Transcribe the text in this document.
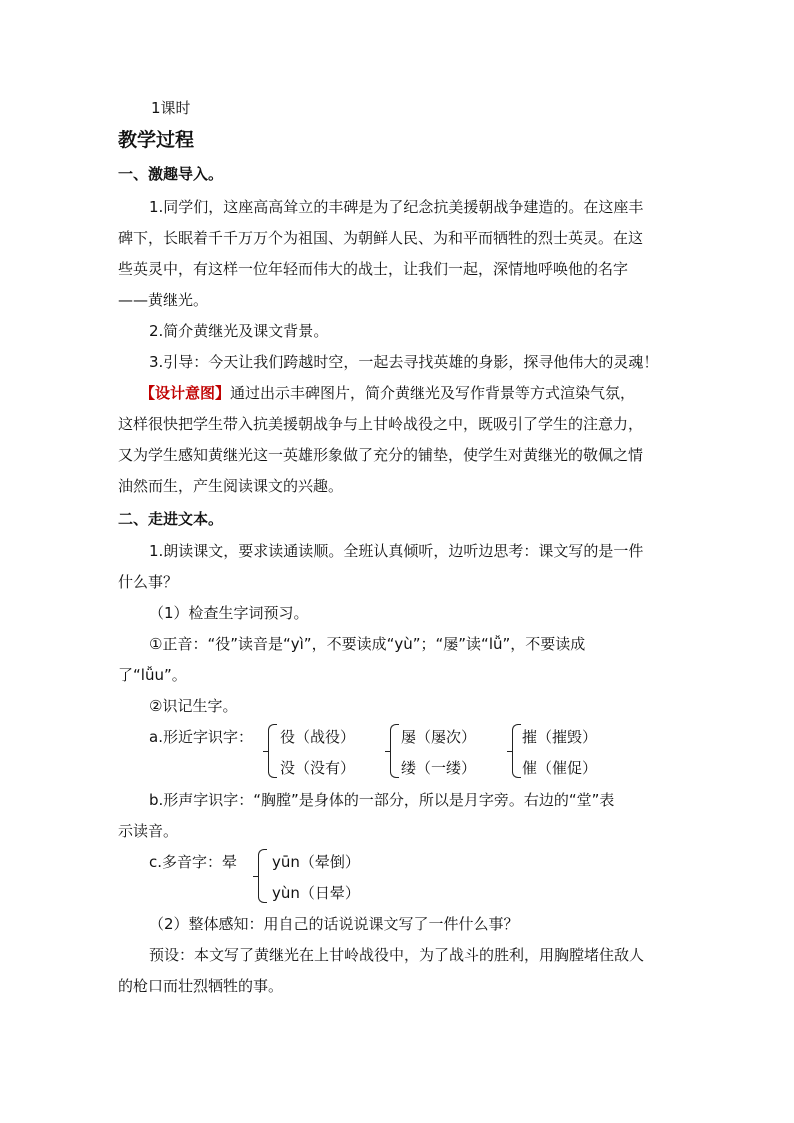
1课时
教学过程
一、激趣导入。
1.同学们，这座高高耸立的丰碑是为了纪念抗美援朝战争建造的。在这座丰
碑下，长眠着千千万万个为祖国、为朝鲜人民、为和平而牺牲的烈士英灵。在这
些英灵中，有这样一位年轻而伟大的战士，让我们一起，深情地呼唤他的名字
——黄继光。
2.简介黄继光及课文背景。
3.引导：今天让我们跨越时空，一起去寻找英雄的身影，探寻他伟大的灵魂！
【设计意图】通过出示丰碑图片，简介黄继光及写作背景等方式渲染气氛，
这样很快把学生带入抗美援朝战争与上甘岭战役之中，既吸引了学生的注意力，
又为学生感知黄继光这一英雄形象做了充分的铺垫，使学生对黄继光的敬佩之情
油然而生，产生阅读课文的兴趣。
二、走进文本。
1.朗读课文，要求读通读顺。全班认真倾听，边听边思考：课文写的是一件
什么事？
（1）检查生字词预习。
①正音：“役”读音是“yì”，不要读成“yù”；“屡”读“lǚ”，不要读成
了“lǚu”。
②识记生字。
a.形近字识字： 役（战役）
没（没有）
屡（屡次）
缕（一缕）
摧（摧毁）
催（催促）
b.形声字识字：“胸膛”是身体的一部分，所以是月字旁。右边的“堂”表
示读音。
c.多音字：晕 yūn（晕倒）
yùn（日晕）
（2）整体感知：用自己的话说说课文写了一件什么事？
预设：本文写了黄继光在上甘岭战役中，为了战斗的胜利，用胸膛堵住敌人
的枪口而壮烈牺牲的事。
